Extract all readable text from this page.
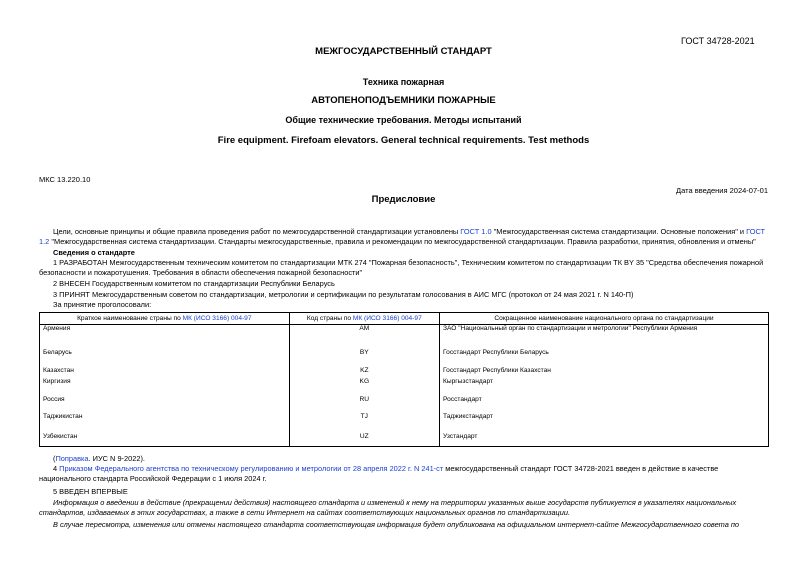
ГОСТ 34728-2021
МЕЖГОСУДАРСТВЕННЫЙ СТАНДАРТ
Техника пожарная
АВТОПЕНОПОДЪЕМНИКИ ПОЖАРНЫЕ
Общие технические требования. Методы испытаний
Fire equipment. Firefoam elevators. General technical requirements. Test methods
МКС 13.220.10
Дата введения 2024-07-01
Предисловие
Цели, основные принципы и общие правила проведения работ по межгосударственной стандартизации установлены ГОСТ 1.0 "Межгосударственная система стандартизации. Основные положения" и ГОСТ 1.2 "Межгосударственная система стандартизации. Стандарты межгосударственные, правила и рекомендации по межгосударственной стандартизации. Правила разработки, принятия, обновления и отмены"
Сведения о стандарте
1 РАЗРАБОТАН Межгосударственным техническим комитетом по стандартизации МТК 274 "Пожарная безопасность", Техническим комитетом по стандартизации ТК BY 35 "Средства обеспечения пожарной безопасности и пожаротушения. Требования в области обеспечения пожарной безопасности"
2 ВНЕСЕН Государственным комитетом по стандартизации Республики Беларусь
3 ПРИНЯТ Межгосударственным советом по стандартизации, метрологии и сертификации по результатам голосования в АИС МГС (протокол от 24 мая 2021 г. N 140-П)
За принятие проголосовали:
Краткое наименование страны по МК (ИСО 3166) 004-97	Код страны по МК (ИСО 3166) 004-97	Сокращенное наименование национального органа по стандартизации
Армения	AM	ЗАО "Национальный орган по стандартизации и метрологии" Республики Армения
Беларусь	BY	Госстандарт Республики Беларусь
Казахстан	KZ	Госстандарт Республики Казахстан
Киргизия	KG	Кыргызстандарт
Россия	RU	Росстандарт
Таджикистан	TJ	Таджикстандарт
Узбекистан	UZ	Узстандарт
(Поправка. ИУС N 9-2022).
4 Приказом Федерального агентства по техническому регулированию и метрологии от 28 апреля 2022 г. N 241-ст межгосударственный стандарт ГОСТ 34728-2021 введен в действие в качестве национального стандарта Российской Федерации с 1 июля 2024 г.
5 ВВЕДЕН ВПЕРВЫЕ
Информация о введении в действие (прекращении действия) настоящего стандарта и изменений к нему на территории указанных выше государств публикуется в указателях национальных стандартов, издаваемых в этих государствах, а также в сети Интернет на сайтах соответствующих национальных органов по стандартизации.
В случае пересмотра, изменения или отмены настоящего стандарта соответствующая информация будет опубликована на официальном интернет-сайте Межгосударственного совета по
